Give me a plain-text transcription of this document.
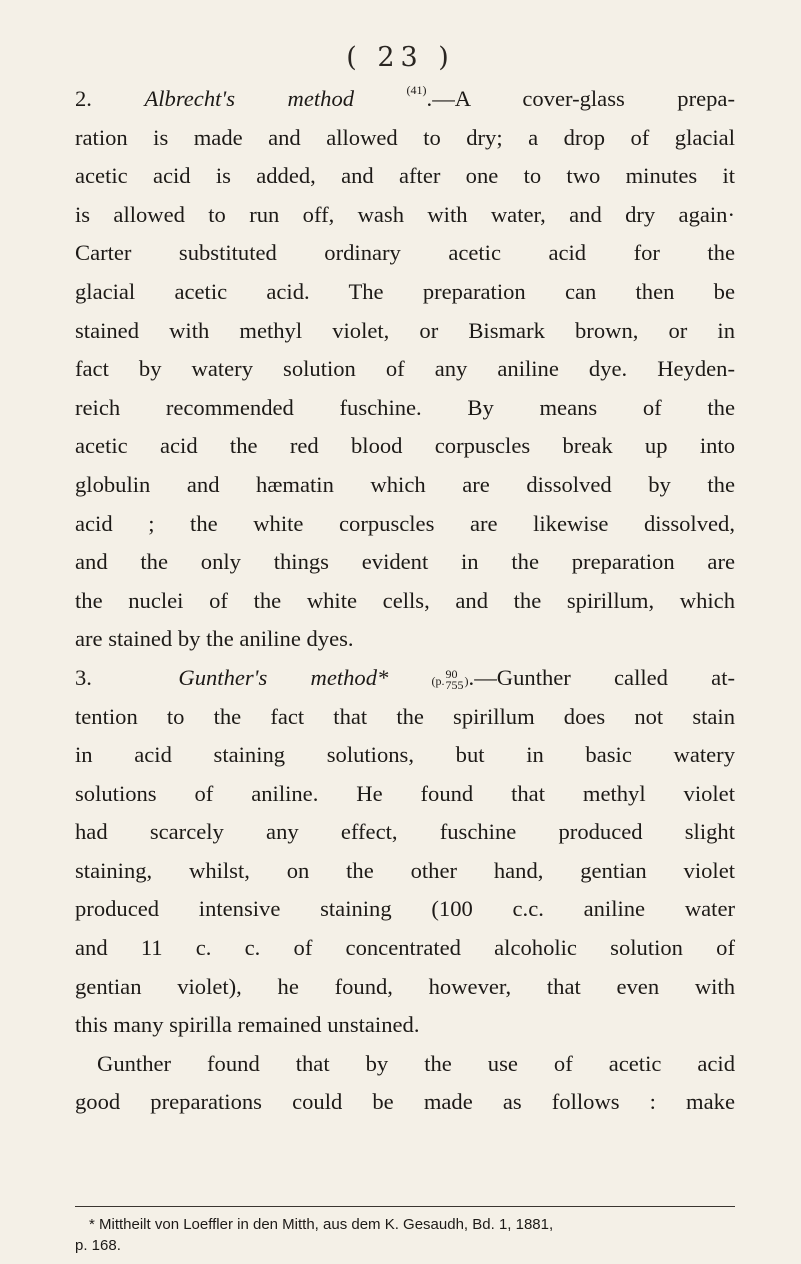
( 23 )
2. Albrecht's method	$^{(41)}$.—A cover-glass prepa-
ration is made and allowed to dry; a drop of glacial
acetic acid is added, and after one to two minutes it
is allowed to run off, wash with water, and dry again·
Carter substituted ordinary acetic acid for the
glacial acetic acid. The preparation can then be
stained with methyl violet, or Bismark brown, or in
fact by watery solution of any aniline dye. Heyden-
reich recommended fuschine. By means of the
acetic acid the red blood corpuscles break up into
globulin and hæmatin which are dissolved by the
acid ; the white corpuscles are likewise dissolved,
and the only things evident in the preparation are
the nuclei of the white cells, and the spirillum, which
are stained by the aniline dyes.
3.	Gunther's method*	(p. 90
755 ).—Gunther called at-
tention to the fact that the spirillum does not stain
in acid staining solutions, but in basic watery
solutions of aniline. He found that methyl violet
had scarcely any effect, fuschine produced slight
staining, whilst, on the other hand, gentian violet
produced intensive staining (100 c.c. aniline water
and 11 c. c. of concentrated alcoholic solution of
gentian violet), he found, however, that even with
this many spirilla remained unstained.
Gunther found that by the use of acetic acid
good preparations could be made as follows : make
* Mittheilt von Loeffler in den Mitth, aus dem K. Gesaudh, Bd. 1, 1881,
p. 168.
